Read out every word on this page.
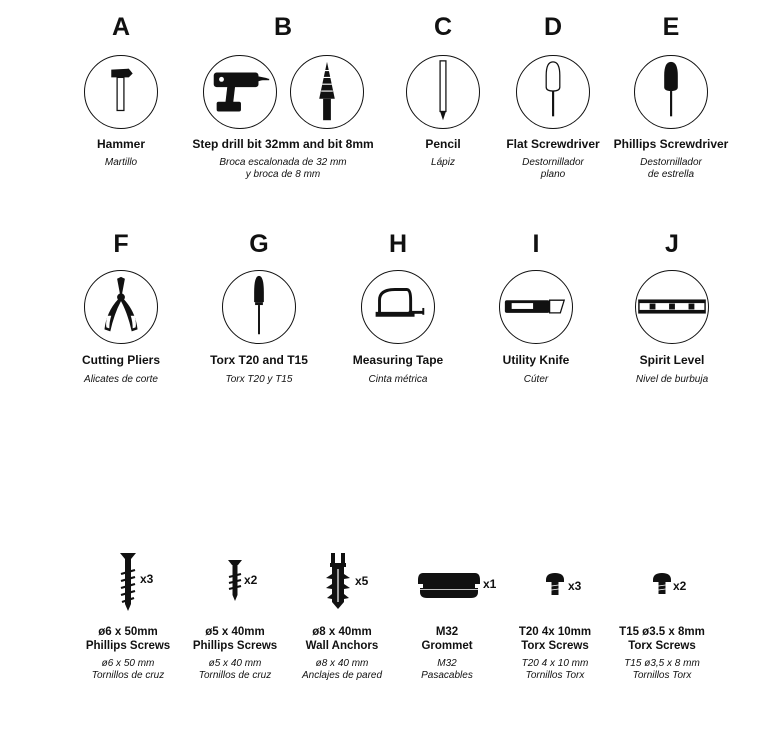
A
Hammer
Martillo
B
Step drill bit 32mm and bit 8mm
Broca escalonada de 32 mm
y broca de 8 mm
C
Pencil
Lápiz
D
Flat Screwdriver
Destornillador
plano
E
Phillips Screwdriver
Destornillador
de estrella
F
Cutting Pliers
Alicates de corte
G
Torx T20 and T15
Torx T20 y T15
H
Measuring Tape
Cinta métrica
I
Utility Knife
Cúter
J
Spirit Level
Nivel de burbuja
x3
ø6 x 50mm
Phillips Screws
ø6 x 50 mm
Tornillos de cruz
x2
ø5 x 40mm
Phillips Screws
ø5 x 40 mm
Tornillos de cruz
x5
ø8 x 40mm
Wall Anchors
ø8 x 40 mm
Anclajes de pared
x1
M32
Grommet
M32
Pasacables
x3
T20 4x 10mm
Torx Screws
T20 4 x 10 mm
Tornillos Torx
x2
T15 ø3.5 x 8mm
Torx Screws
T15 ø3,5 x 8 mm
Tornillos Torx
